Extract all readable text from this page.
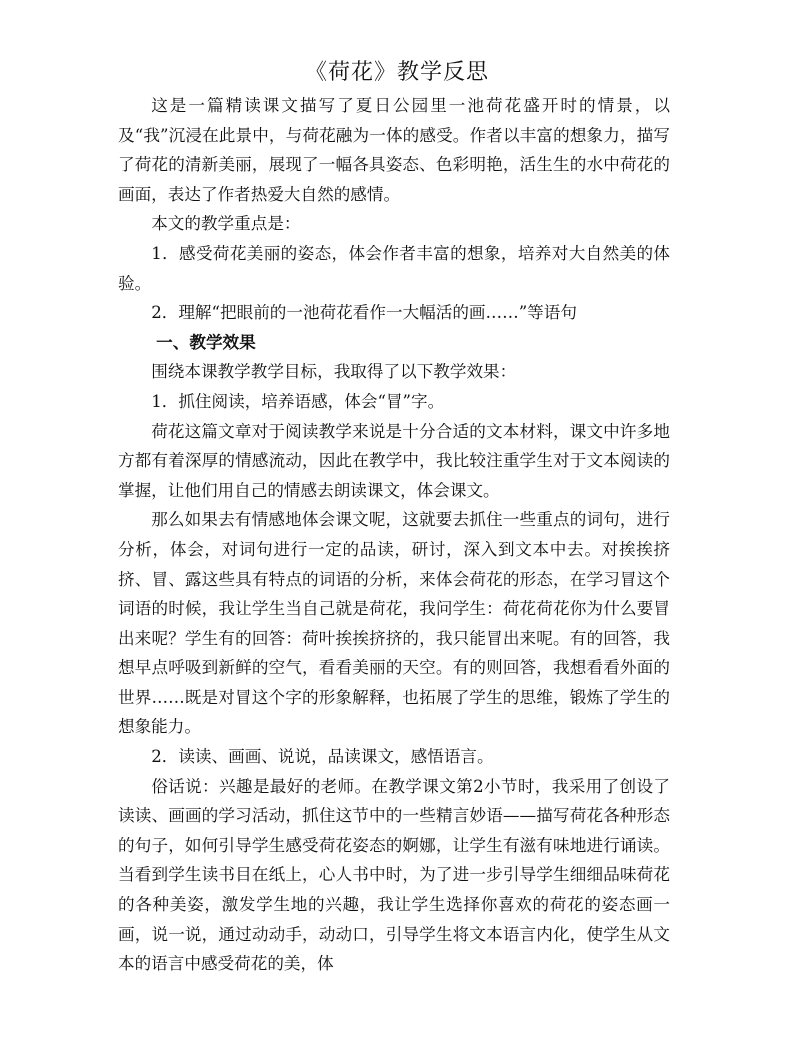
《荷花》教学反思

这是一篇精读课文描写了夏日公园里一池荷花盛开时的情景，以及“我”沉浸在此景中，与荷花融为一体的感受。作者以丰富的想象力，描写了荷花的清新美丽，展现了一幅各具姿态、色彩明艳，活生生的水中荷花的画面，表达了作者热爱大自然的感情。

本文的教学重点是：

1．感受荷花美丽的姿态，体会作者丰富的想象，培养对大自然美的体验。

2．理解“把眼前的一池荷花看作一大幅活的画……”等语句

一、教学效果

围绕本课教学教学目标，我取得了以下教学效果：

1．抓住阅读，培养语感，体会“冒”字。

荷花这篇文章对于阅读教学来说是十分合适的文本材料，课文中许多地方都有着深厚的情感流动，因此在教学中，我比较注重学生对于文本阅读的掌握，让他们用自己的情感去朗读课文，体会课文。

那么如果去有情感地体会课文呢，这就要去抓住一些重点的词句，进行分析，体会，对词句进行一定的品读，研讨，深入到文本中去。对挨挨挤挤、冒、露这些具有特点的词语的分析，来体会荷花的形态，在学习冒这个词语的时候，我让学生当自己就是荷花，我问学生：荷花荷花你为什么要冒出来呢？学生有的回答：荷叶挨挨挤挤的，我只能冒出来呢。有的回答，我想早点呼吸到新鲜的空气，看看美丽的天空。有的则回答，我想看看外面的世界……既是对冒这个字的形象解释，也拓展了学生的思维，锻炼了学生的想象能力。

2．读读、画画、说说，品读课文，感悟语言。

俗话说：兴趣是最好的老师。在教学课文第2小节时，我采用了创设了读读、画画的学习活动，抓住这节中的一些精言妙语——描写荷花各种形态的句子，如何引导学生感受荷花姿态的婀娜，让学生有滋有味地进行诵读。当看到学生读书目在纸上，心人书中时，为了进一步引导学生细细品味荷花的各种美姿，激发学生地的兴趣，我让学生选择你喜欢的荷花的姿态画一画，说一说，通过动动手，动动口，引导学生将文本语言内化，使学生从文本的语言中感受荷花的美，体
